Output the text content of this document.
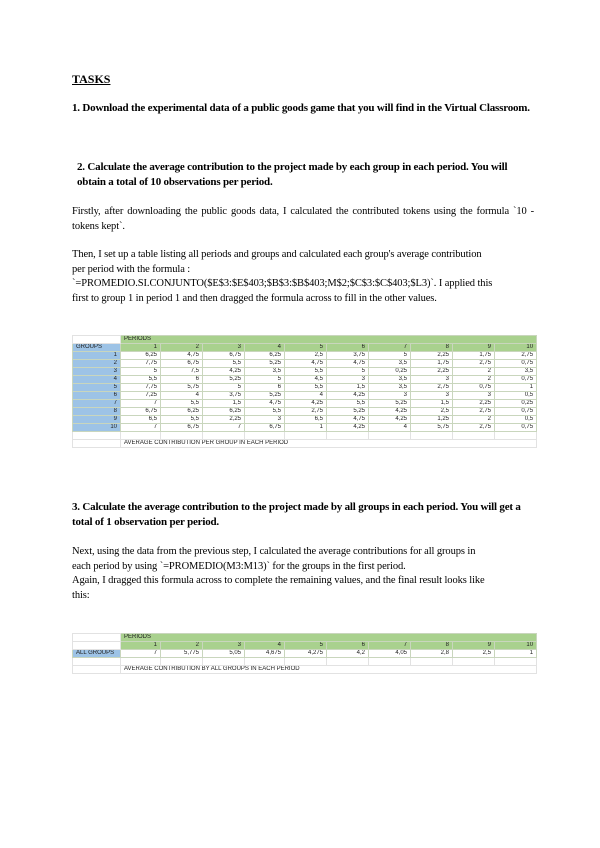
TASKS
1. Download the experimental data of a public goods game that you will find in the Virtual Classroom.
2. Calculate the average contribution to the project made by each group in each period. You will obtain a total of 10 observations per period.
Firstly, after downloading the public goods data, I calculated the contributed tokens using the formula `10 - tokens kept`.
Then, I set up a table listing all periods and groups and calculated each group's average contribution
per period with the formula :
`=PROMEDIO.SI.CONJUNTO($E$3:$E$403;$B$3:$B$403;M$2;$C$3:$C$403;$L3)`. I applied this
first to group 1 in period 1 and then dragged the formula across to fill in the other values.
	PERIODS									
GROUPS	1	2	3	4	5	6	7	8	9	10
1	6,25	4,75	6,75	6,25	2,5	3,75	5	2,25	1,75	2,75
2	7,75	6,75	5,5	5,25	4,75	4,75	3,5	1,75	2,75	0,75
3	5	7,5	4,25	3,5	5,5	5	0,25	2,25	2	3,5
4	5,5	6	5,25	5	4,5	3	3,5	3	2	0,75
5	7,75	5,75	5	6	5,5	1,5	3,5	2,75	0,75	1
6	7,25	4	3,75	5,25	4	4,25	3	3	3	0,5
7	7	5,5	1,5	4,75	4,25	5,5	5,25	1,5	2,25	0,25
8	6,75	6,25	6,25	5,5	2,75	5,25	4,25	2,5	2,75	0,75
9	6,5	5,5	2,25	3	6,5	4,75	4,25	1,25	2	0,5
10	7	6,75	7	6,75	1	4,25	4	5,75	2,75	0,75

	AVERAGE CONTRIBUTION PER GROUP IN EACH PERIOD									
3. Calculate the average contribution to the project made by all groups in each period. You will get a total of 1 observation per period.
Next, using the data from the previous step, I calculated the average contributions for all groups in
each period by using `=PROMEDIO(M3:M13)` for the groups in the first period.
Again, I dragged this formula across to complete the remaining values, and the final result looks like
this:
	PERIODS									
	1	2	3	4	5	6	7	8	9	10
ALL GROUPS	7	5,775	5,05	4,675	4,275	4,2	4,05	2,8	2,5	1

	AVERAGE CONTRIBUTION BY ALL GROUPS IN EACH PERIOD									
